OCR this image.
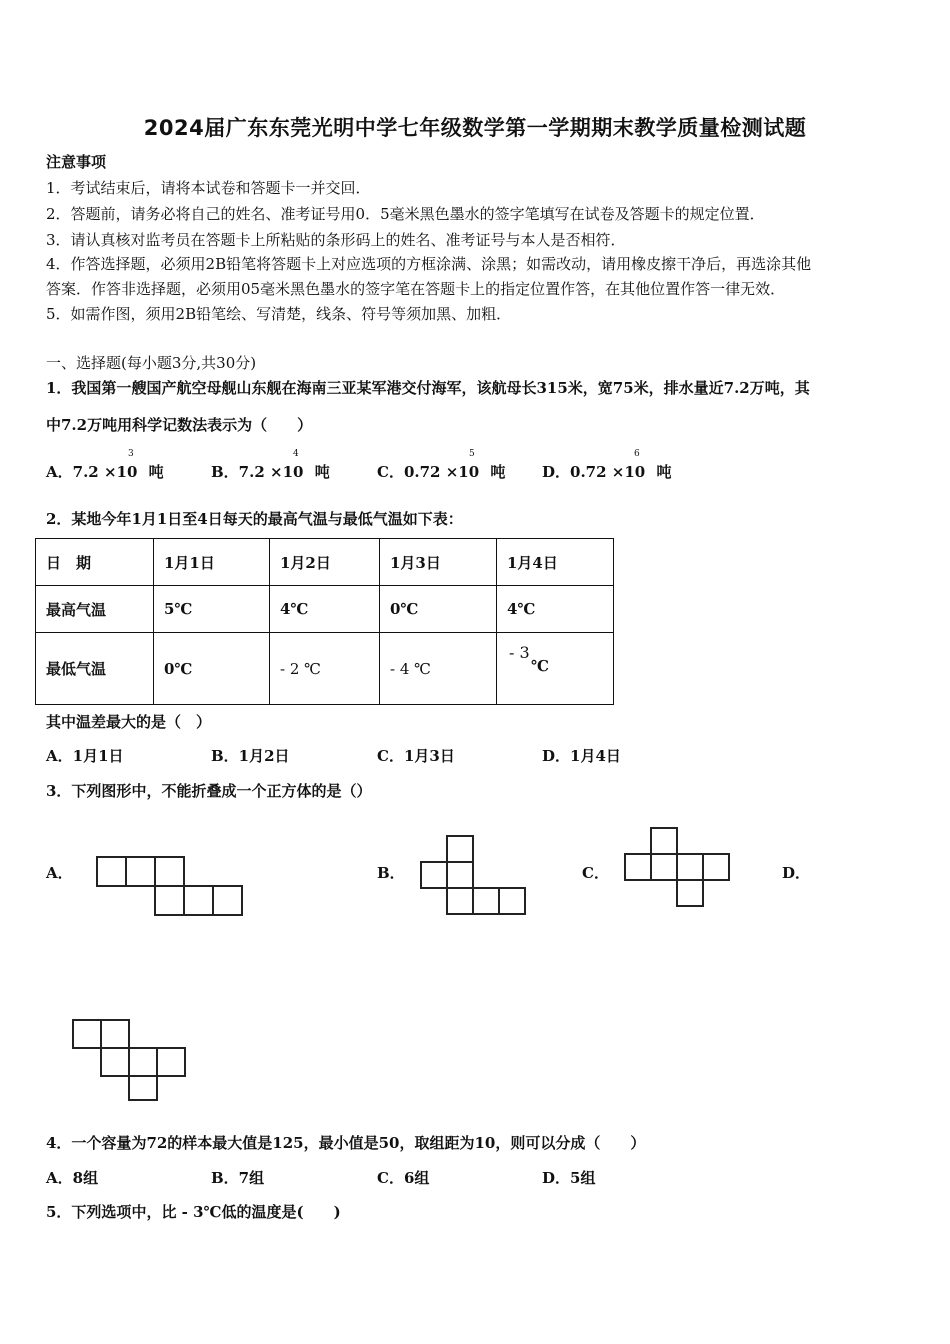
2024届广东东莞光明中学七年级数学第一学期期末教学质量检测试题
注意事项
1．考试结束后，请将本试卷和答题卡一并交回．
2．答题前，请务必将自己的姓名、准考证号用0．5毫米黑色墨水的签字笔填写在试卷及答题卡的规定位置．
3．请认真核对监考员在答题卡上所粘贴的条形码上的姓名、准考证号与本人是否相符．
4．作答选择题，必须用2B铅笔将答题卡上对应选项的方框涂满、涂黑；如需改动，请用橡皮擦干净后，再选涂其他
答案．作答非选择题，必须用05毫米黑色墨水的签字笔在答题卡上的指定位置作答，在其他位置作答一律无效．
5．如需作图，须用2B铅笔绘、写清楚，线条、符号等须加黑、加粗．
一、选择题(每小题3分,共30分)
1．我国第一艘国产航空母舰山东舰在海南三亚某军港交付海军，该航母长315米，宽75米，排水量近7.2万吨，其
中7.2万吨用科学记数法表示为（　　）
A．7.2 ×10
3
吨	B．7.2 ×10
4
吨	C．0.72 ×10
5
吨 D．0.72 ×10
6
吨
2．某地今年1月1日至4日每天的最高气温与最低气温如下表：
日　期	1月1日	1月2日	1月3日	1月4日
最高气温	5℃	4℃	0℃	4℃
最低气温	0℃	- 2 ℃	- 4 ℃	- 3
℃
其中温差最大的是（　）
A．1月1日	B．1月2日	C．1月3日	D．1月4日
3．下列图形中，不能折叠成一个正方体的是（）
A．	B．	C．	D．
4．一个容量为72的样本最大值是125，最小值是50，取组距为10，则可以分成（　　）
A．8组	B．7组	C．6组	D．5组
5．下列选项中，比 - 3℃低的温度是(　　)
